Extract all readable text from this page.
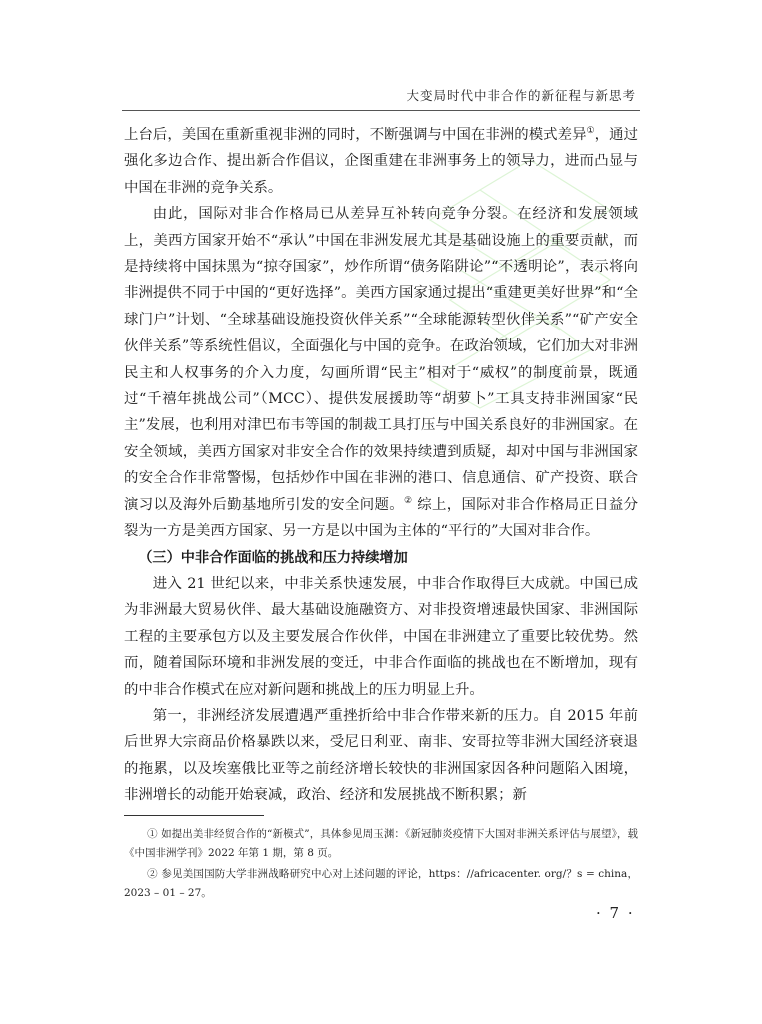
大变局时代中非合作的新征程与新思考

上台后，美国在重新重视非洲的同时，不断强调与中国在非洲的模式差异①，通过强化多边合作、提出新合作倡议，企图重建在非洲事务上的领导力，进而凸显与中国在非洲的竞争关系。

由此，国际对非合作格局已从差异互补转向竞争分裂。在经济和发展领域上，美西方国家开始不“承认”中国在非洲发展尤其是基础设施上的重要贡献，而是持续将中国抹黑为“掠夺国家”，炒作所谓“债务陷阱论”“不透明论”，表示将向非洲提供不同于中国的“更好选择”。美西方国家通过提出“重建更美好世界”和“全球门户”计划、“全球基础设施投资伙伴关系”“全球能源转型伙伴关系”“矿产安全伙伴关系”等系统性倡议，全面强化与中国的竞争。在政治领域，它们加大对非洲民主和人权事务的介入力度，勾画所谓“民主”相对于“威权”的制度前景，既通过“千禧年挑战公司”（MCC）、提供发展援助等“胡萝卜”工具支持非洲国家“民主”发展，也利用对津巴布韦等国的制裁工具打压与中国关系良好的非洲国家。在安全领域，美西方国家对非安全合作的效果持续遭到质疑，却对中国与非洲国家的安全合作非常警惕，包括炒作中国在非洲的港口、信息通信、矿产投资、联合演习以及海外后勤基地所引发的安全问题。② 综上，国际对非合作格局正日益分裂为一方是美西方国家、另一方是以中国为主体的“平行的”大国对非合作。

（三）中非合作面临的挑战和压力持续增加

进入 21 世纪以来，中非关系快速发展，中非合作取得巨大成就。中国已成为非洲最大贸易伙伴、最大基础设施融资方、对非投资增速最快国家、非洲国际工程的主要承包方以及主要发展合作伙伴，中国在非洲建立了重要比较优势。然而，随着国际环境和非洲发展的变迁，中非合作面临的挑战也在不断增加，现有的中非合作模式在应对新问题和挑战上的压力明显上升。

第一，非洲经济发展遭遇严重挫折给中非合作带来新的压力。自 2015 年前后世界大宗商品价格暴跌以来，受尼日利亚、南非、安哥拉等非洲大国经济衰退的拖累，以及埃塞俄比亚等之前经济增长较快的非洲国家因各种问题陷入困境，非洲增长的动能开始衰减，政治、经济和发展挑战不断积累；新

① 如提出美非经贸合作的“新模式”，具体参见周玉渊：《新冠肺炎疫情下大国对非洲关系评估与展望》，载《中国非洲学刊》2022 年第 1 期，第 8 页。

② 参见美国国防大学非洲战略研究中心对上述问题的评论，https：//africacenter. org/？s = china，2023 – 01 – 27。

· 7 ·
